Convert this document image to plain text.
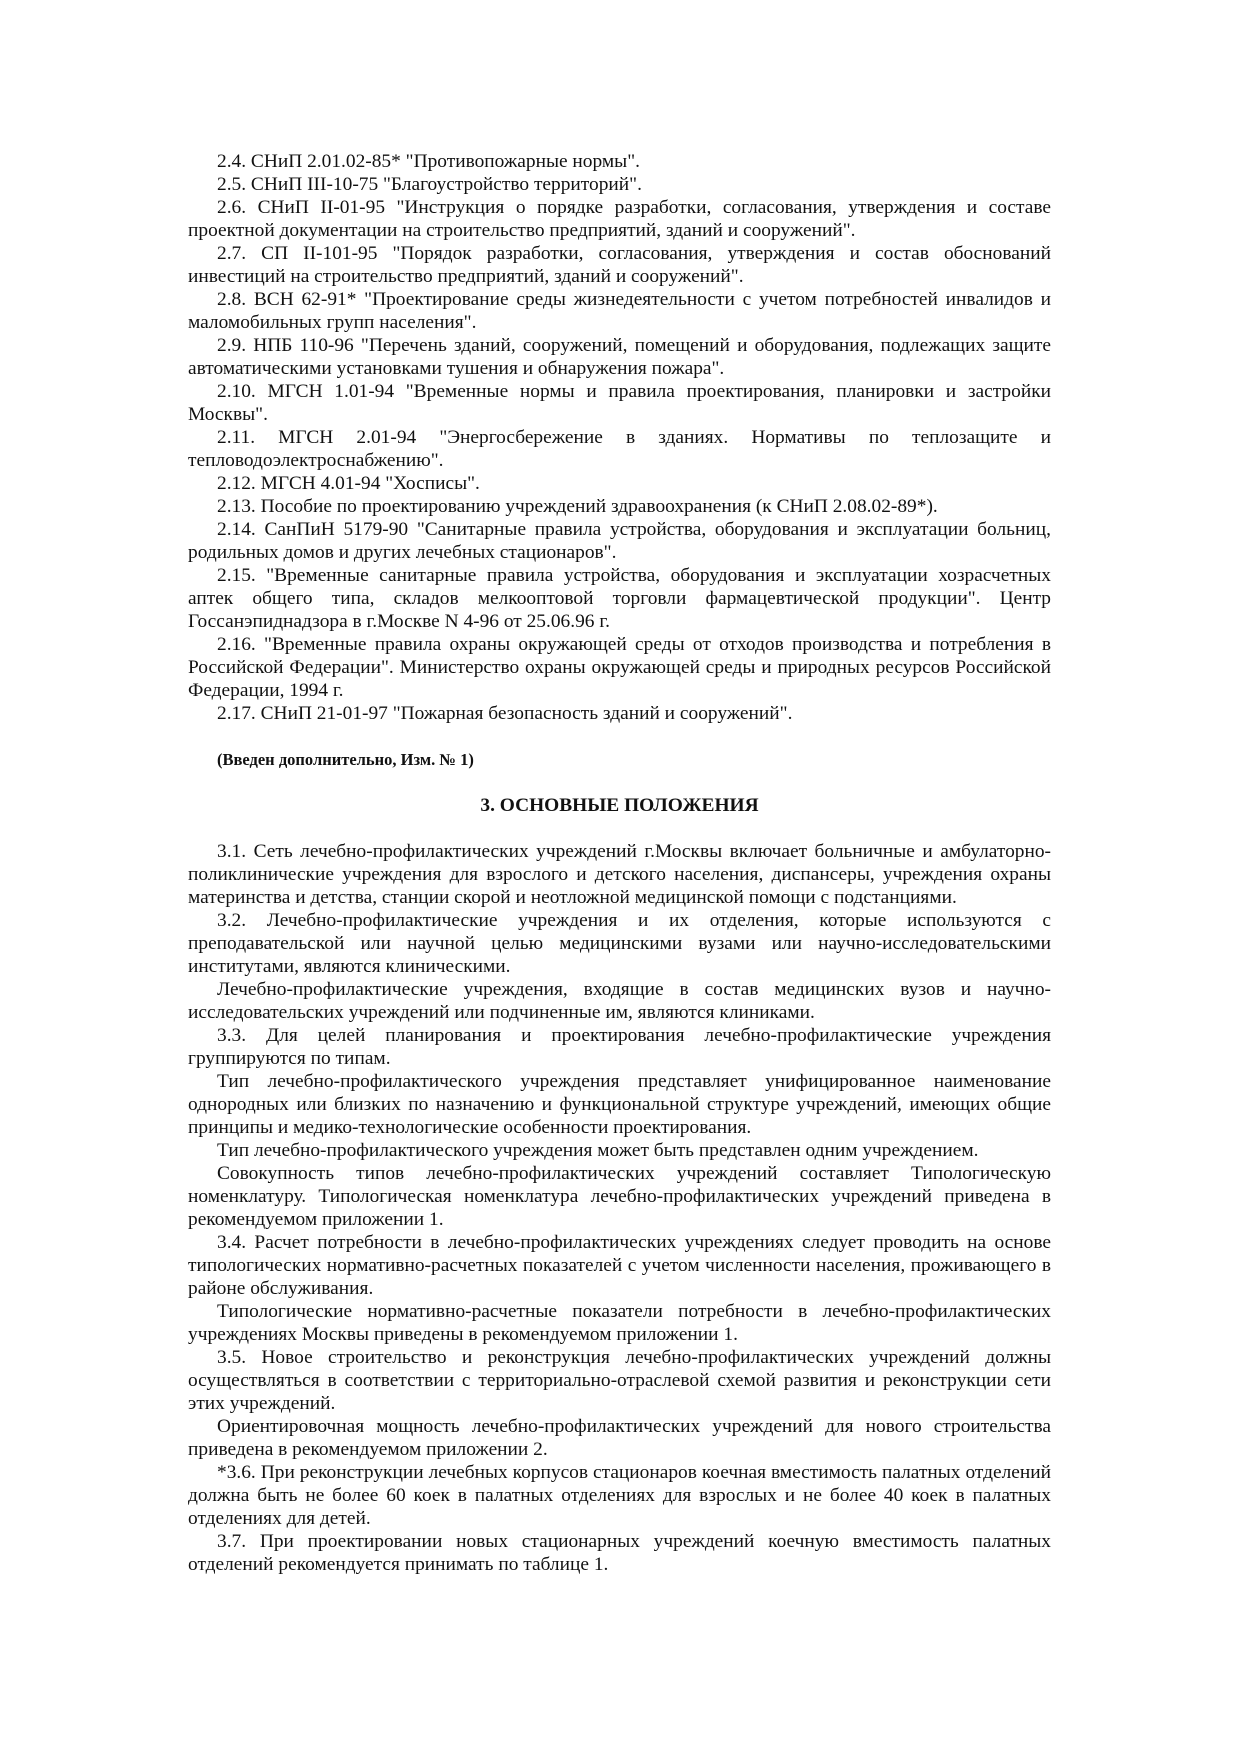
2.4. СНиП 2.01.02-85* "Противопожарные нормы".

2.5. СНиП III-10-75 "Благоустройство территорий".

2.6. СНиП II-01-95 "Инструкция о порядке разработки, согласования, утверждения и составе проектной документации на строительство предприятий, зданий и сооружений".

2.7. СП II-101-95 "Порядок разработки, согласования, утверждения и состав обоснований инвестиций на строительство предприятий, зданий и сооружений".

2.8. ВСН 62-91* "Проектирование среды жизнедеятельности с учетом потребностей инвалидов и маломобильных групп населения".

2.9. НПБ 110-96 "Перечень зданий, сооружений, помещений и оборудования, подлежащих защите автоматическими установками тушения и обнаружения пожара".

2.10. МГСН 1.01-94 "Временные нормы и правила проектирования, планировки и застройки Москвы".

2.11. МГСН 2.01-94 "Энергосбережение в зданиях. Нормативы по теплозащите и тепловодоэлектроснабжению".

2.12. МГСН 4.01-94 "Хосписы".

2.13. Пособие по проектированию учреждений здравоохранения (к СНиП 2.08.02-89*).

2.14. СанПиН 5179-90 "Санитарные правила устройства, оборудования и эксплуатации больниц, родильных домов и других лечебных стационаров".

2.15. "Временные санитарные правила устройства, оборудования и эксплуатации хозрасчетных аптек общего типа, складов мелкооптовой торговли фармацевтической продукции". Центр Госсанэпиднадзора в г.Москве N 4-96 от 25.06.96 г.

2.16. "Временные правила охраны окружающей среды от отходов производства и потребления в Российской Федерации". Министерство охраны окружающей среды и природных ресурсов Российской Федерации, 1994 г.

2.17. СНиП 21-01-97 "Пожарная безопасность зданий и сооружений".

(Введен дополнительно, Изм. № 1)

3. ОСНОВНЫЕ ПОЛОЖЕНИЯ

3.1. Сеть лечебно-профилактических учреждений г.Москвы включает больничные и амбулаторно-поликлинические учреждения для взрослого и детского населения, диспансеры, учреждения охраны материнства и детства, станции скорой и неотложной медицинской помощи с подстанциями.

3.2. Лечебно-профилактические учреждения и их отделения, которые используются с преподавательской или научной целью медицинскими вузами или научно-исследовательскими институтами, являются клиническими.

Лечебно-профилактические учреждения, входящие в состав медицинских вузов и научно-исследовательских учреждений или подчиненные им, являются клиниками.

3.3. Для целей планирования и проектирования лечебно-профилактические учреждения группируются по типам.

Тип лечебно-профилактического учреждения представляет унифицированное наименование однородных или близких по назначению и функциональной структуре учреждений, имеющих общие принципы и медико-технологические особенности проектирования.

Тип лечебно-профилактического учреждения может быть представлен одним учреждением.

Совокупность типов лечебно-профилактических учреждений составляет Типологическую номенклатуру. Типологическая номенклатура лечебно-профилактических учреждений приведена в рекомендуемом приложении 1.

3.4. Расчет потребности в лечебно-профилактических учреждениях следует проводить на основе типологических нормативно-расчетных показателей с учетом численности населения, проживающего в районе обслуживания.

Типологические нормативно-расчетные показатели потребности в лечебно-профилактических учреждениях Москвы приведены в рекомендуемом приложении 1.

3.5. Новое строительство и реконструкция лечебно-профилактических учреждений должны осуществляться в соответствии с территориально-отраслевой схемой развития и реконструкции сети этих учреждений.

Ориентировочная мощность лечебно-профилактических учреждений для нового строительства приведена в рекомендуемом приложении 2.

*3.6. При реконструкции лечебных корпусов стационаров коечная вместимость палатных отделений должна быть не более 60 коек в палатных отделениях для взрослых и не более 40 коек в палатных отделениях для детей.

3.7. При проектировании новых стационарных учреждений коечную вместимость палатных отделений рекомендуется принимать по таблице 1.
